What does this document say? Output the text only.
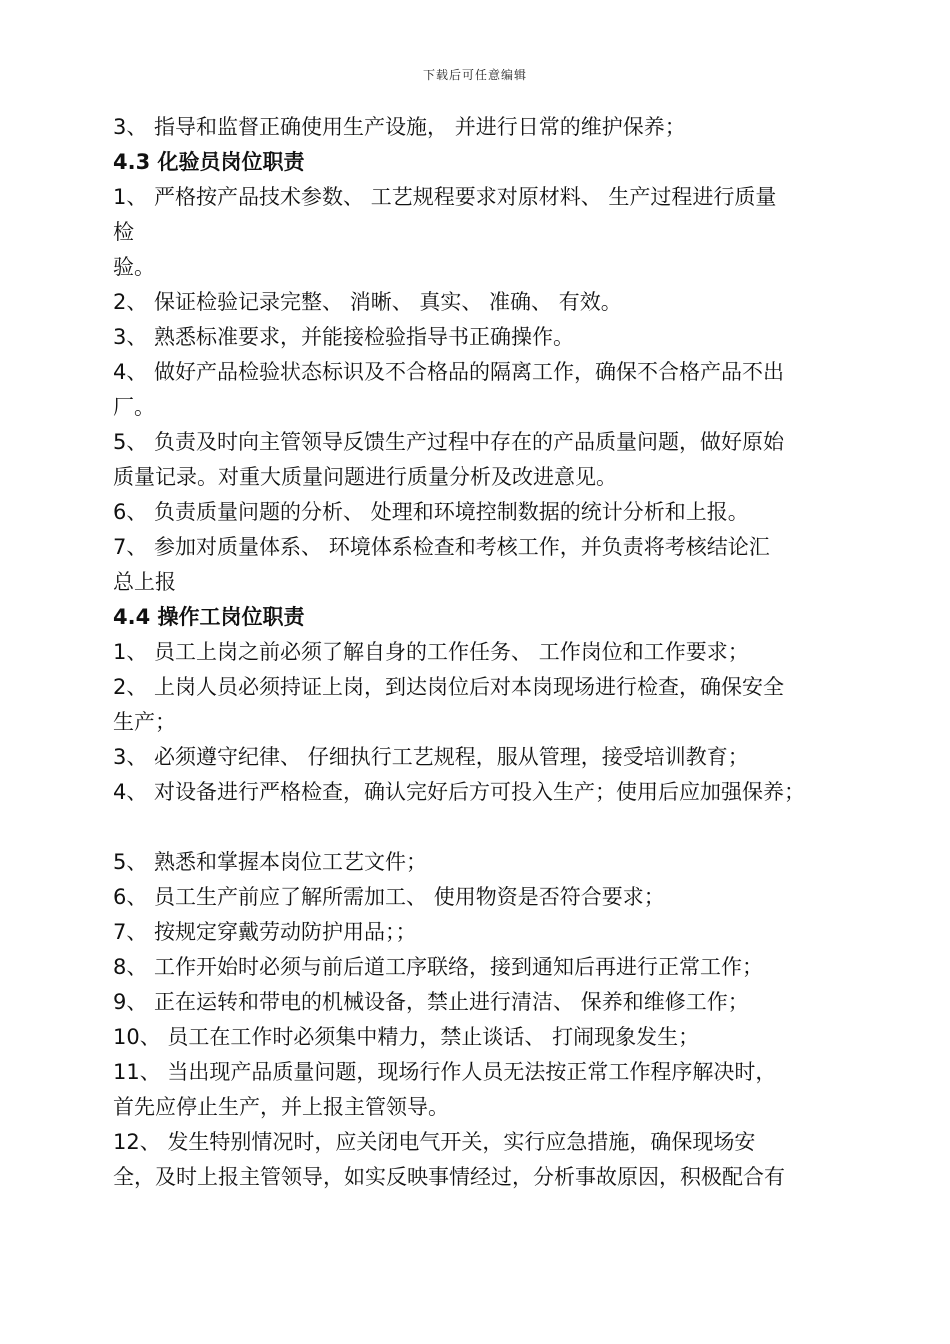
下载后可任意编辑
3、 指导和监督正确使用生产设施， 并进行日常的维护保养；
4.3 化验员岗位职责
1、 严格按产品技术参数、 工艺规程要求对原材料、 生产过程进行质量
检
验。
2、 保证检验记录完整、 消晰、 真实、 准确、 有效。
3、 熟悉标准要求，并能接检验指导书正确操作。
4、 做好产品检验状态标识及不合格品的隔离工作，确保不合格产品不出
厂。
5、 负责及时向主管领导反馈生产过程中存在的产品质量问题，做好原始
质量记录。对重大质量问题进行质量分析及改进意见。
6、 负责质量问题的分析、 处理和环境控制数据的统计分析和上报。
7、 参加对质量体系、 环境体系检查和考核工作，并负责将考核结论汇
总上报
4.4 操作工岗位职责
1、 员工上岗之前必须了解自身的工作任务、 工作岗位和工作要求；
2、 上岗人员必须持证上岗，到达岗位后对本岗现场进行检查，确保安全
生产；
3、 必须遵守纪律、 仔细执行工艺规程，服从管理，接受培训教育；
4、 对设备进行严格检查，确认完好后方可投入生产；使用后应加强保养；
5、 熟悉和掌握本岗位工艺文件；
6、 员工生产前应了解所需加工、 使用物资是否符合要求；
7、 按规定穿戴劳动防护用品；；
8、 工作开始时必须与前后道工序联络，接到通知后再进行正常工作；
9、 正在运转和带电的机械设备，禁止进行清洁、 保养和维修工作；
10、 员工在工作时必须集中精力，禁止谈话、 打闹现象发生；
11、 当出现产品质量问题，现场行作人员无法按正常工作程序解决时，
首先应停止生产，并上报主管领导。
12、 发生特别情况时，应关闭电气开关，实行应急措施，确保现场安
全，及时上报主管领导，如实反映事情经过，分析事故原因，积极配合有
